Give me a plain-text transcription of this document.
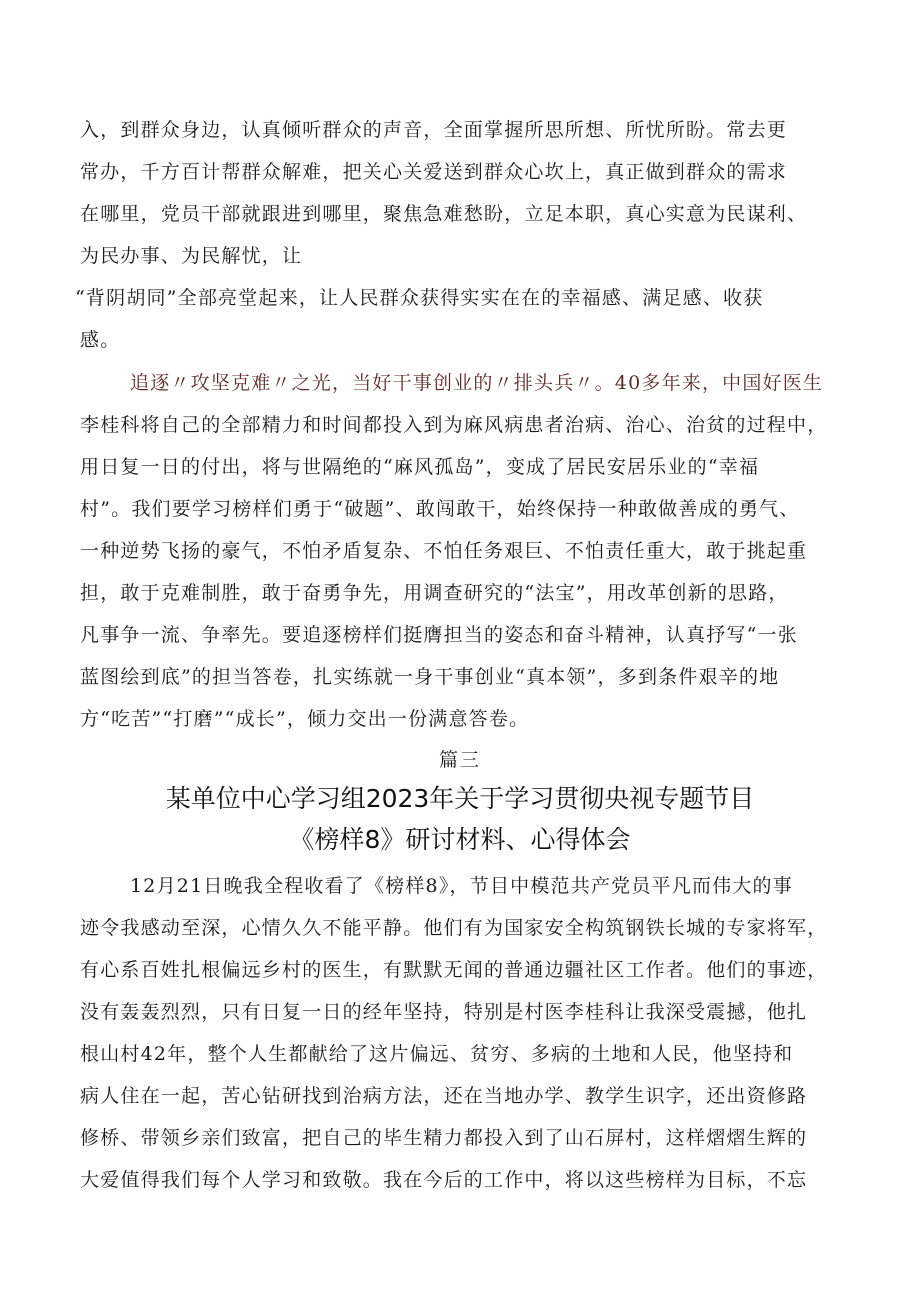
入，到群众身边，认真倾听群众的声音，全面掌握所思所想、所忧所盼。常去更
常办，千方百计帮群众解难，把关心关爱送到群众心坎上，真正做到群众的需求
在哪里，党员干部就跟进到哪里，聚焦急难愁盼，立足本职，真心实意为民谋利、
为民办事、为民解忧，让
“背阴胡同”全部亮堂起来，让人民群众获得实实在在的幸福感、满足感、收获
感。
追逐〃攻坚克难〃之光，当好干事创业的〃排头兵〃。40多年来，中国好医生
李桂科将自己的全部精力和时间都投入到为麻风病患者治病、治心、治贫的过程中，
用日复一日的付出，将与世隔绝的“麻风孤岛”，变成了居民安居乐业的“幸福
村”。我们要学习榜样们勇于“破题”、敢闯敢干，始终保持一种敢做善成的勇气、
一种逆势飞扬的豪气，不怕矛盾复杂、不怕任务艰巨、不怕责任重大，敢于挑起重
担，敢于克难制胜，敢于奋勇争先，用调查研究的“法宝”，用改革创新的思路，
凡事争一流、争率先。要追逐榜样们挺膺担当的姿态和奋斗精神，认真抒写“一张
蓝图绘到底”的担当答卷，扎实练就一身干事创业“真本领”，多到条件艰辛的地
方“吃苦”“打磨”“成长”，倾力交出一份满意答卷。
篇三
某单位中心学习组2023年关于学习贯彻央视专题节目
《榜样8》研讨材料、心得体会
12月21日晚我全程收看了《榜样8》，节目中模范共产党员平凡而伟大的事
迹令我感动至深，心情久久不能平静。他们有为国家安全构筑钢铁长城的专家将军，
有心系百姓扎根偏远乡村的医生，有默默无闻的普通边疆社区工作者。他们的事迹，
没有轰轰烈烈，只有日复一日的经年坚持，特别是村医李桂科让我深受震撼，他扎
根山村42年，整个人生都献给了这片偏远、贫穷、多病的土地和人民，他坚持和
病人住在一起，苦心钻研找到治病方法，还在当地办学、教学生识字，还出资修路
修桥、带领乡亲们致富，把自己的毕生精力都投入到了山石屏村，这样熠熠生辉的
大爱值得我们每个人学习和致敬。我在今后的工作中，将以这些榜样为目标，不忘
